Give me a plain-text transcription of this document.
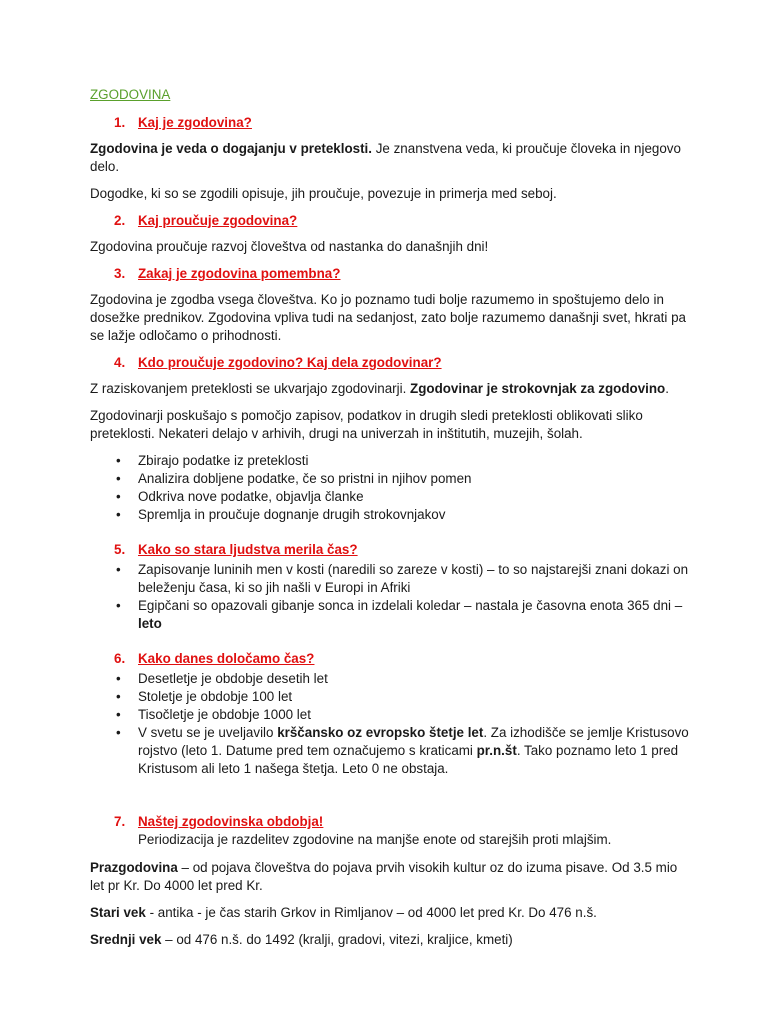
ZGODOVINA
1. Kaj je zgodovina?

Zgodovina je veda o dogajanju v preteklosti. Je znanstvena veda, ki proučuje človeka in njegovo delo.

Dogodke, ki so se zgodili opisuje, jih proučuje, povezuje in primerja med seboj.

2. Kaj proučuje zgodovina?

Zgodovina proučuje razvoj človeštva od nastanka do današnjih dni!

3. Zakaj je zgodovina pomembna?

Zgodovina je zgodba vsega človeštva. Ko jo poznamo tudi bolje razumemo in spoštujemo delo in dosežke prednikov. Zgodovina vpliva tudi na sedanjost, zato bolje razumemo današnji svet, hkrati pa se lažje odločamo o prihodnosti.

4. Kdo proučuje zgodovino? Kaj dela zgodovinar?

Z raziskovanjem preteklosti se ukvarjajo zgodovinarji. Zgodovinar je strokovnjak za zgodovino.

Zgodovinarji poskušajo s pomočjo zapisov, podatkov in drugih sledi preteklosti oblikovati sliko preteklosti. Nekateri delajo v arhivih, drugi na univerzah in inštitutih, muzejih, šolah.

• Zbirajo podatke iz preteklosti
• Analizira dobljene podatke, če so pristni in njihov pomen
• Odkriva nove podatke, objavlja članke
• Spremlja in proučuje dognanje drugih strokovnjakov
5. Kako so stara ljudstva merila čas?
• Zapisovanje luninih men v kosti (naredili so zareze v kosti) – to so najstarejši znani dokazi on beleženju časa, ki so jih našli v Europi in Afriki
• Egipčani so opazovali gibanje sonca in izdelali koledar – nastala je časovna enota 365 dni – leto
6. Kako danes določamo čas?
• Desetletje je obdobje desetih let
• Stoletje je obdobje 100 let
• Tisočletje je obdobje 1000 let
• V svetu se je uveljavilo krščansko oz evropsko štetje let. Za izhodišče se jemlje Kristusovo rojstvo (leto 1. Datume pred tem označujemo s kraticami pr.n.št. Tako poznamo leto 1 pred Kristusom ali leto 1 našega štetja. Leto 0 ne obstaja.
7. Naštej zgodovinska obdobja!

Periodizacija je razdelitev zgodovine na manjše enote od starejših proti mlajšim.

Prazgodovina – od pojava človeštva do pojava prvih visokih kultur oz do izuma pisave. Od 3.5 mio let pr Kr. Do 4000 let pred Kr.

Stari vek - antika - je čas starih Grkov in Rimljanov – od 4000 let pred Kr. Do 476 n.š.

Srednji vek – od 476 n.š. do 1492 (kralji, gradovi, vitezi, kraljice, kmeti)
